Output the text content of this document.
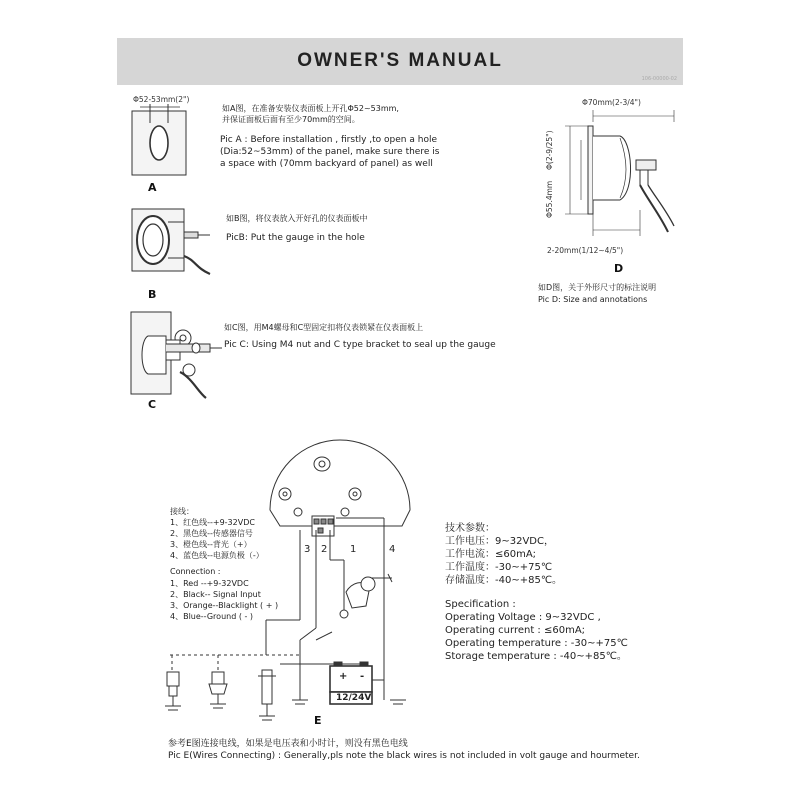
OWNER'S MANUAL
106-00000-02
Φ52-53mm(2")
A
如A图，在准备安装仪表面板上开孔Φ52~53mm,
并保证面板后面有至少70mm的空间。
Pic A : Before installation , firstly ,to open a hole
(Dia:52~53mm) of the panel, make sure there is
a space with (70mm backyard of panel) as well
B
如B图，将仪表放入开好孔的仪表面板中
PicB: Put the gauge in the hole
C
如C图，用M4螺母和C型固定扣将仪表锁紧在仪表面板上
Pic C: Using M4 nut and C type bracket to seal up the gauge
Φ70mm(2-3/4")
Φ(2-9/25")
Φ55.4mm
2-20mm(1/12~4/5")
D
如D图，关于外形尺寸的标注说明
Pic D: Size and annotations
接线：
1、红色线--+9-32VDC
2、黑色线--传感器信号
3、橙色线--背光（+）
4、蓝色线--电源负极（-）
Connection :
1、Red --+9-32VDC
2、Black-- Signal Input
3、Orange--Blacklight ( + )
4、Blue--Ground ( - )
3 2 1	4
+ -
12/24V
E
技术参数：
工作电压：9~32VDC，
工作电流：≤60mA;
工作温度：-30~+75℃
存储温度：-40~+85℃。
Specification :
Operating Voltage : 9~32VDC ,
Operating current : ≤60mA;
Operating temperature : -30~+75℃
Storage temperature : -40~+85℃。
参考E图连接电线，如果是电压表和小时计，则没有黑色电线
Pic E(Wires Connecting) : Generally,pls note the black wires is not included in volt gauge and hourmeter.
